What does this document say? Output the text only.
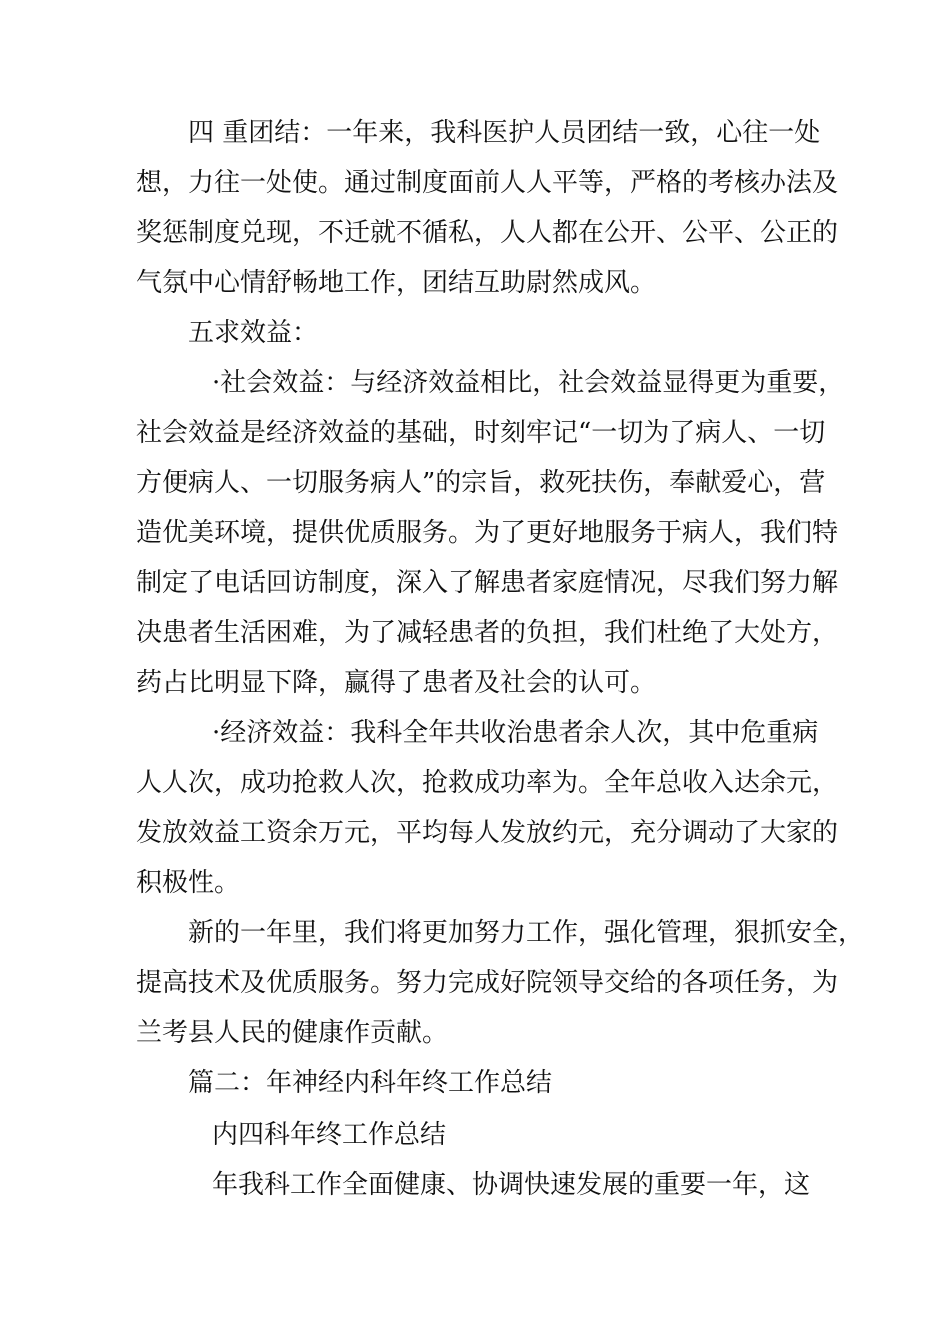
四 重团结：一年来，我科医护人员团结一致，心往一处
想，力往一处使。通过制度面前人人平等，严格的考核办法及
奖惩制度兑现，不迁就不循私，人人都在公开、公平、公正的
气氛中心情舒畅地工作，团结互助尉然成风。
五求效益：
·社会效益：与经济效益相比，社会效益显得更为重要，
社会效益是经济效益的基础，时刻牢记“一切为了病人、一切
方便病人、一切服务病人”的宗旨，救死扶伤，奉献爱心，营
造优美环境，提供优质服务。为了更好地服务于病人，我们特
制定了电话回访制度，深入了解患者家庭情况，尽我们努力解
决患者生活困难，为了减轻患者的负担，我们杜绝了大处方，
药占比明显下降，赢得了患者及社会的认可。
·经济效益：我科全年共收治患者余人次，其中危重病
人人次，成功抢救人次，抢救成功率为。全年总收入达余元，
发放效益工资余万元，平均每人发放约元，充分调动了大家的
积极性。
新的一年里，我们将更加努力工作，强化管理，狠抓安全，
提高技术及优质服务。努力完成好院领导交给的各项任务，为
兰考县人民的健康作贡献。
篇二：年神经内科年终工作总结
内四科年终工作总结
年我科工作全面健康、协调快速发展的重要一年，这
